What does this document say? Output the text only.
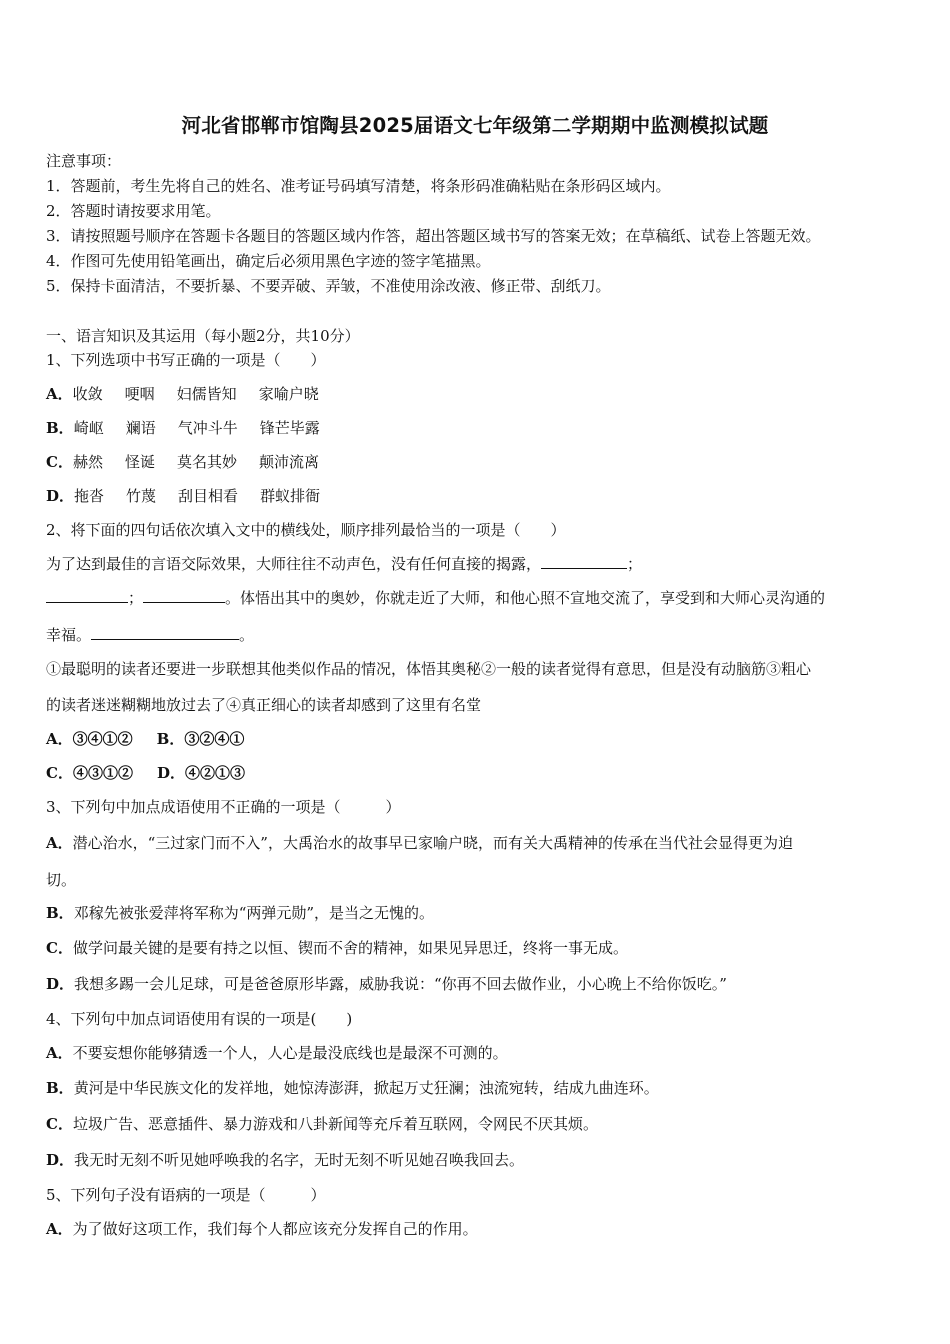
河北省邯郸市馆陶县2025届语文七年级第二学期期中监测模拟试题
注意事项：
1．答题前，考生先将自己的姓名、准考证号码填写清楚，将条形码准确粘贴在条形码区域内。
2．答题时请按要求用笔。
3．请按照题号顺序在答题卡各题目的答题区域内作答，超出答题区域书写的答案无效；在草稿纸、试卷上答题无效。
4．作图可先使用铅笔画出，确定后必须用黑色字迹的签字笔描黑。
5．保持卡面清洁，不要折暴、不要弄破、弄皱，不准使用涂改液、修正带、刮纸刀。
一、语言知识及其运用（每小题2分，共10分）
1、下列选项中书写正确的一项是（　　）
A．收敛 哽咽 妇儒皆知 家喻户晓
B．崎岖 斓语 气冲斗牛 锋芒毕露
C．赫然 怪诞 莫名其妙 颠沛流离
D．拖沓 竹蔑 刮目相看 群蚁排衙
2、将下面的四句话依次填入文中的横线处，顺序排列最恰当的一项是（　　）
为了达到最佳的言语交际效果，大师往往不动声色，没有任何直接的揭露，	；
；	。体悟出其中的奥妙，你就走近了大师，和他心照不宣地交流了，享受到和大师心灵沟通的
幸福。	。
①最聪明的读者还要进一步联想其他类似作品的情况，体悟其奥秘②一般的读者觉得有意思，但是没有动脑筋③粗心
的读者迷迷糊糊地放过去了④真正细心的读者却感到了这里有名堂
A．③④①② B．③②④①
C．④③①② D．④②①③
3、下列句中加点成语使用不正确的一项是（　　　）
A．潜心治水，“三过家门而不入”，大禹治水的故事早已家喻户晓，而有关大禹精神的传承在当代社会显得更为迫
切。
B．邓稼先被张爱萍将军称为“两弹元勋”，是当之无愧的。
C．做学问最关键的是要有持之以恒、锲而不舍的精神，如果见异思迁，终将一事无成。
D．我想多踢一会儿足球，可是爸爸原形毕露，威胁我说：“你再不回去做作业，小心晚上不给你饭吃。”
4、下列句中加点词语使用有误的一项是(　　)
A．不要妄想你能够猜透一个人，人心是最没底线也是最深不可测的。
B．黄河是中华民族文化的发祥地，她惊涛澎湃，掀起万丈狂澜；浊流宛转，结成九曲连环。
C．垃圾广告、恶意插件、暴力游戏和八卦新闻等充斥着互联网，令网民不厌其烦。
D．我无时无刻不听见她呼唤我的名字，无时无刻不听见她召唤我回去。
5、下列句子没有语病的一项是（　　　）
A．为了做好这项工作，我们每个人都应该充分发挥自己的作用。
